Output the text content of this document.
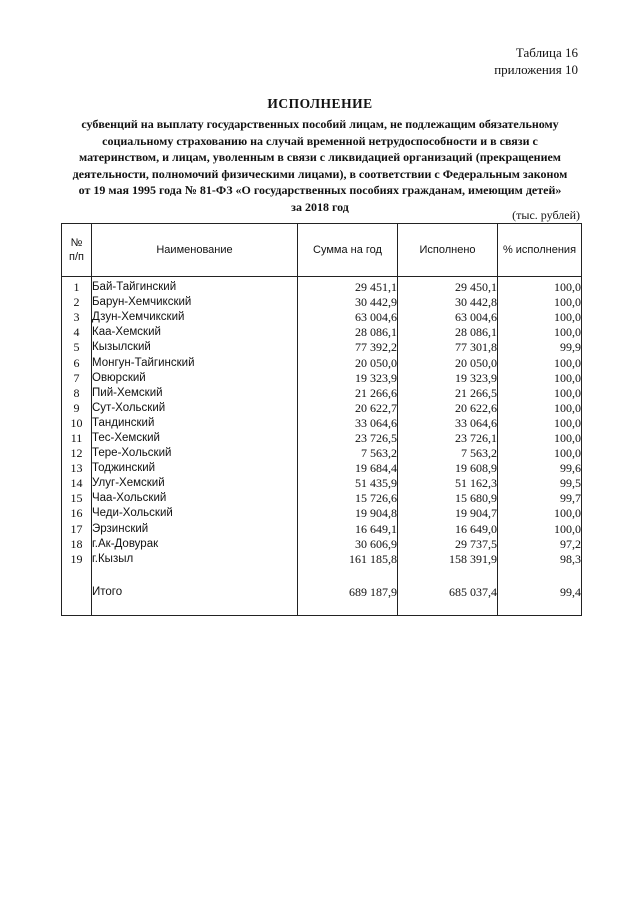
Таблица 16
приложения 10
ИСПОЛНЕНИЕ
субвенций на выплату государственных пособий лицам, не подлежащим обязательному
социальному страхованию на случай временной нетрудоспособности и в связи с
материнством, и лицам, уволенным в связи с ликвидацией организаций (прекращением
деятельности, полномочий физическими лицами), в соответствии с Федеральным законом
от 19 мая 1995 года № 81-ФЗ «О государственных пособиях гражданам, имеющим детей»
за 2018 год
(тыс. рублей)
№
п/п	Наименование	Сумма на год	Исполнено	% исполнения
1	Бай-Тайгинский	29 451,1	29 450,1	100,0
2	Барун-Хемчикский	30 442,9	30 442,8	100,0
3	Дзун-Хемчикский	63 004,6	63 004,6	100,0
4	Каа-Хемский	28 086,1	28 086,1	100,0
5	Кызылский	77 392,2	77 301,8	99,9
6	Монгун-Тайгинский	20 050,0	20 050,0	100,0
7	Овюрский	19 323,9	19 323,9	100,0
8	Пий-Хемский	21 266,6	21 266,5	100,0
9	Сут-Хольский	20 622,7	20 622,6	100,0
10	Тандинский	33 064,6	33 064,6	100,0
11	Тес-Хемский	23 726,5	23 726,1	100,0
12	Тере-Хольский	7 563,2	7 563,2	100,0
13	Тоджинский	19 684,4	19 608,9	99,6
14	Улуг-Хемский	51 435,9	51 162,3	99,5
15	Чаа-Хольский	15 726,6	15 680,9	99,7
16	Чеди-Хольский	19 904,8	19 904,7	100,0
17	Эрзинский	16 649,1	16 649,0	100,0
18	г.Ак-Довурак	30 606,9	29 737,5	97,2
19	г.Кызыл	161 185,8	158 391,9	98,3

	Итого	689 187,9	685 037,4	99,4
